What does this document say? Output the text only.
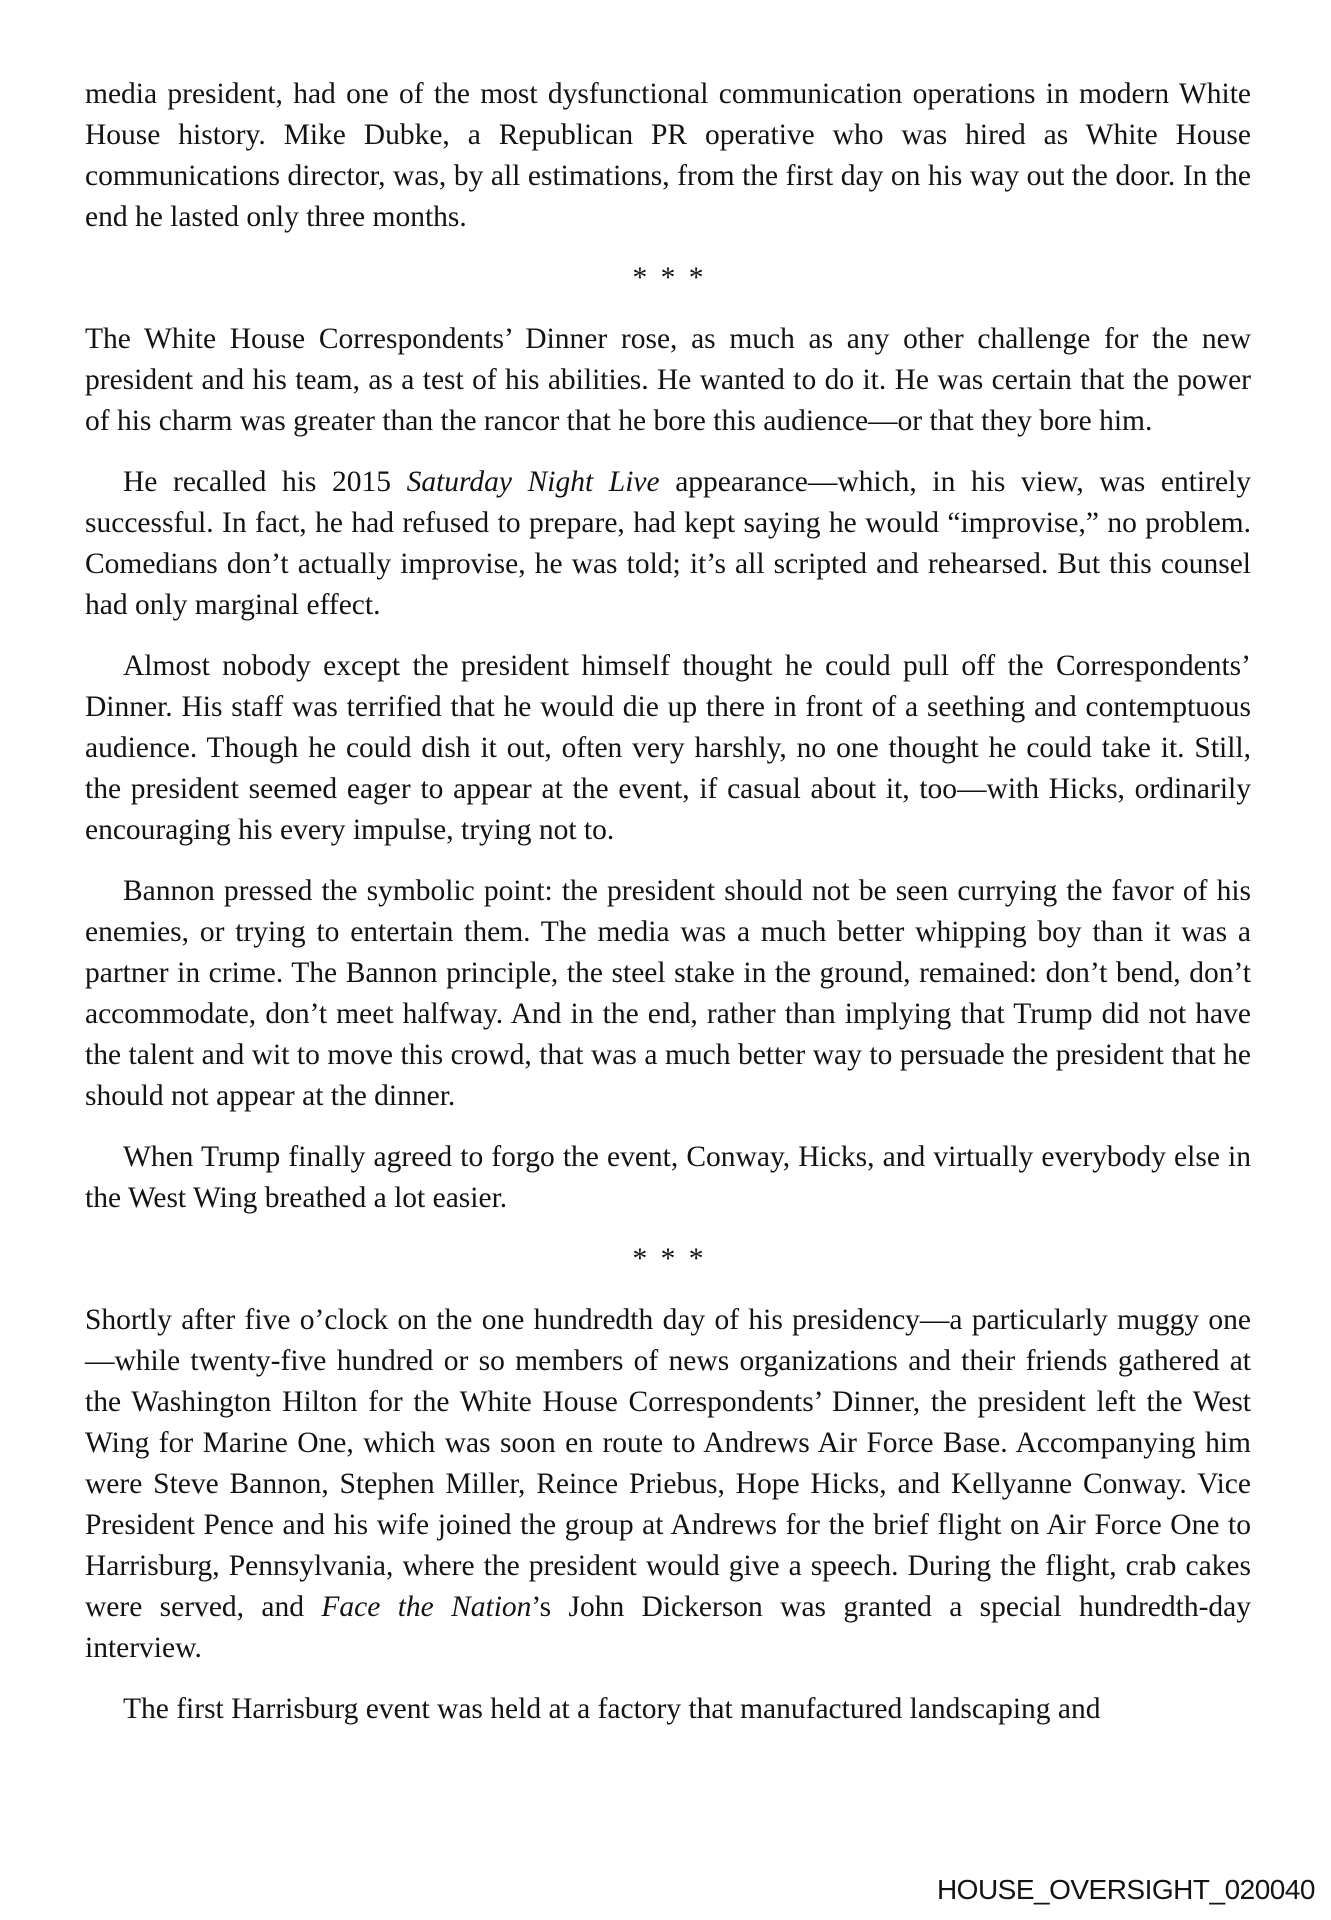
media president, had one of the most dysfunctional communication operations in modern White House history. Mike Dubke, a Republican PR operative who was hired as White House communications director, was, by all estimations, from the first day on his way out the door. In the end he lasted only three months.

* * *

The White House Correspondents’ Dinner rose, as much as any other challenge for the new president and his team, as a test of his abilities. He wanted to do it. He was certain that the power of his charm was greater than the rancor that he bore this audience—or that they bore him.

He recalled his 2015 Saturday Night Live appearance—which, in his view, was entirely successful. In fact, he had refused to prepare, had kept saying he would “improvise,” no problem. Comedians don’t actually improvise, he was told; it’s all scripted and rehearsed. But this counsel had only marginal effect.

Almost nobody except the president himself thought he could pull off the Correspondents’ Dinner. His staff was terrified that he would die up there in front of a seething and contemptuous audience. Though he could dish it out, often very harshly, no one thought he could take it. Still, the president seemed eager to appear at the event, if casual about it, too—with Hicks, ordinarily encouraging his every impulse, trying not to.

Bannon pressed the symbolic point: the president should not be seen currying the favor of his enemies, or trying to entertain them. The media was a much better whipping boy than it was a partner in crime. The Bannon principle, the steel stake in the ground, remained: don’t bend, don’t accommodate, don’t meet halfway. And in the end, rather than implying that Trump did not have the talent and wit to move this crowd, that was a much better way to persuade the president that he should not appear at the dinner.

When Trump finally agreed to forgo the event, Conway, Hicks, and virtually everybody else in the West Wing breathed a lot easier.

* * *

Shortly after five o’clock on the one hundredth day of his presidency—a particularly muggy one—while twenty-five hundred or so members of news organizations and their friends gathered at the Washington Hilton for the White House Correspondents’ Dinner, the president left the West Wing for Marine One, which was soon en route to Andrews Air Force Base. Accompanying him were Steve Bannon, Stephen Miller, Reince Priebus, Hope Hicks, and Kellyanne Conway. Vice President Pence and his wife joined the group at Andrews for the brief flight on Air Force One to Harrisburg, Pennsylvania, where the president would give a speech. During the flight, crab cakes were served, and Face the Nation’s John Dickerson was granted a special hundredth-day interview.

The first Harrisburg event was held at a factory that manufactured landscaping and

HOUSE_OVERSIGHT_020040
